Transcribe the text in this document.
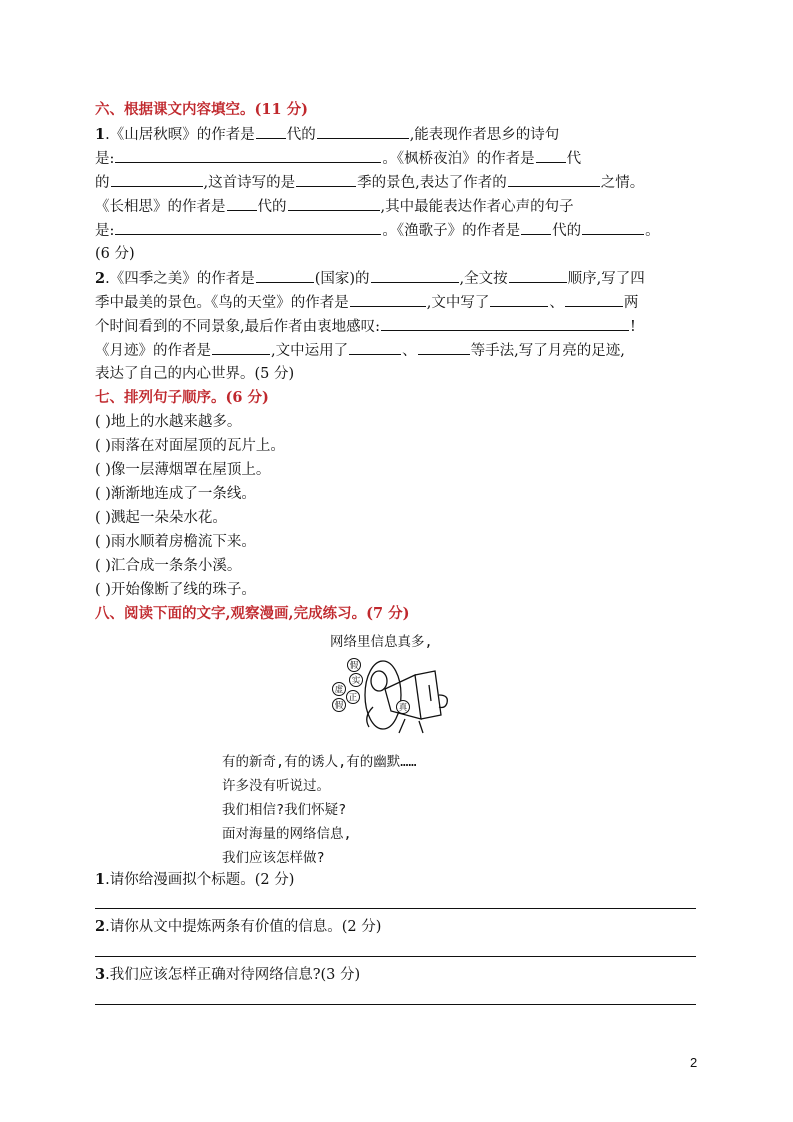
六、根据课文内容填空。(11 分)
1.《山居秋暝》的作者是 代的	,能表现作者思乡的诗句
是:	。《枫桥夜泊》的作者是 代
的	,这首诗写的是	季的景色,表达了作者的	之情。
《长相思》的作者是 代的	,其中最能表达作者心声的句子
是:	。《渔歌子》的作者是 代的	。
(6 分)
2.《四季之美》的作者是	(国家)的	,全文按	顺序,写了四
季中最美的景色。《鸟的天堂》的作者是	,文中写了	、	两
个时间看到的不同景象,最后作者由衷地感叹:	!
《月迹》的作者是	,文中运用了	、	等手法,写了月亮的足迹,
表达了自己的内心世界。(5 分)
七、排列句子顺序。(6 分)
( )地上的水越来越多。
( )雨落在对面屋顶的瓦片上。
( )像一层薄烟罩在屋顶上。
( )渐渐地连成了一条线。
( )溅起一朵朵水花。
( )雨水顺着房檐流下来。
( )汇合成一条条小溪。
( )开始像断了线的珠子。
八、阅读下面的文字,观察漫画,完成练习。(7 分)
网络里信息真多,
假
实
虚
正
假	真
有的新奇,有的诱人,有的幽默……
许多没有听说过。
我们相信?我们怀疑?
面对海量的网络信息,
我们应该怎样做?
1.请你给漫画拟个标题。(2 分)
2.请你从文中提炼两条有价值的信息。(2 分)
3.我们应该怎样正确对待网络信息?(3 分)
2
